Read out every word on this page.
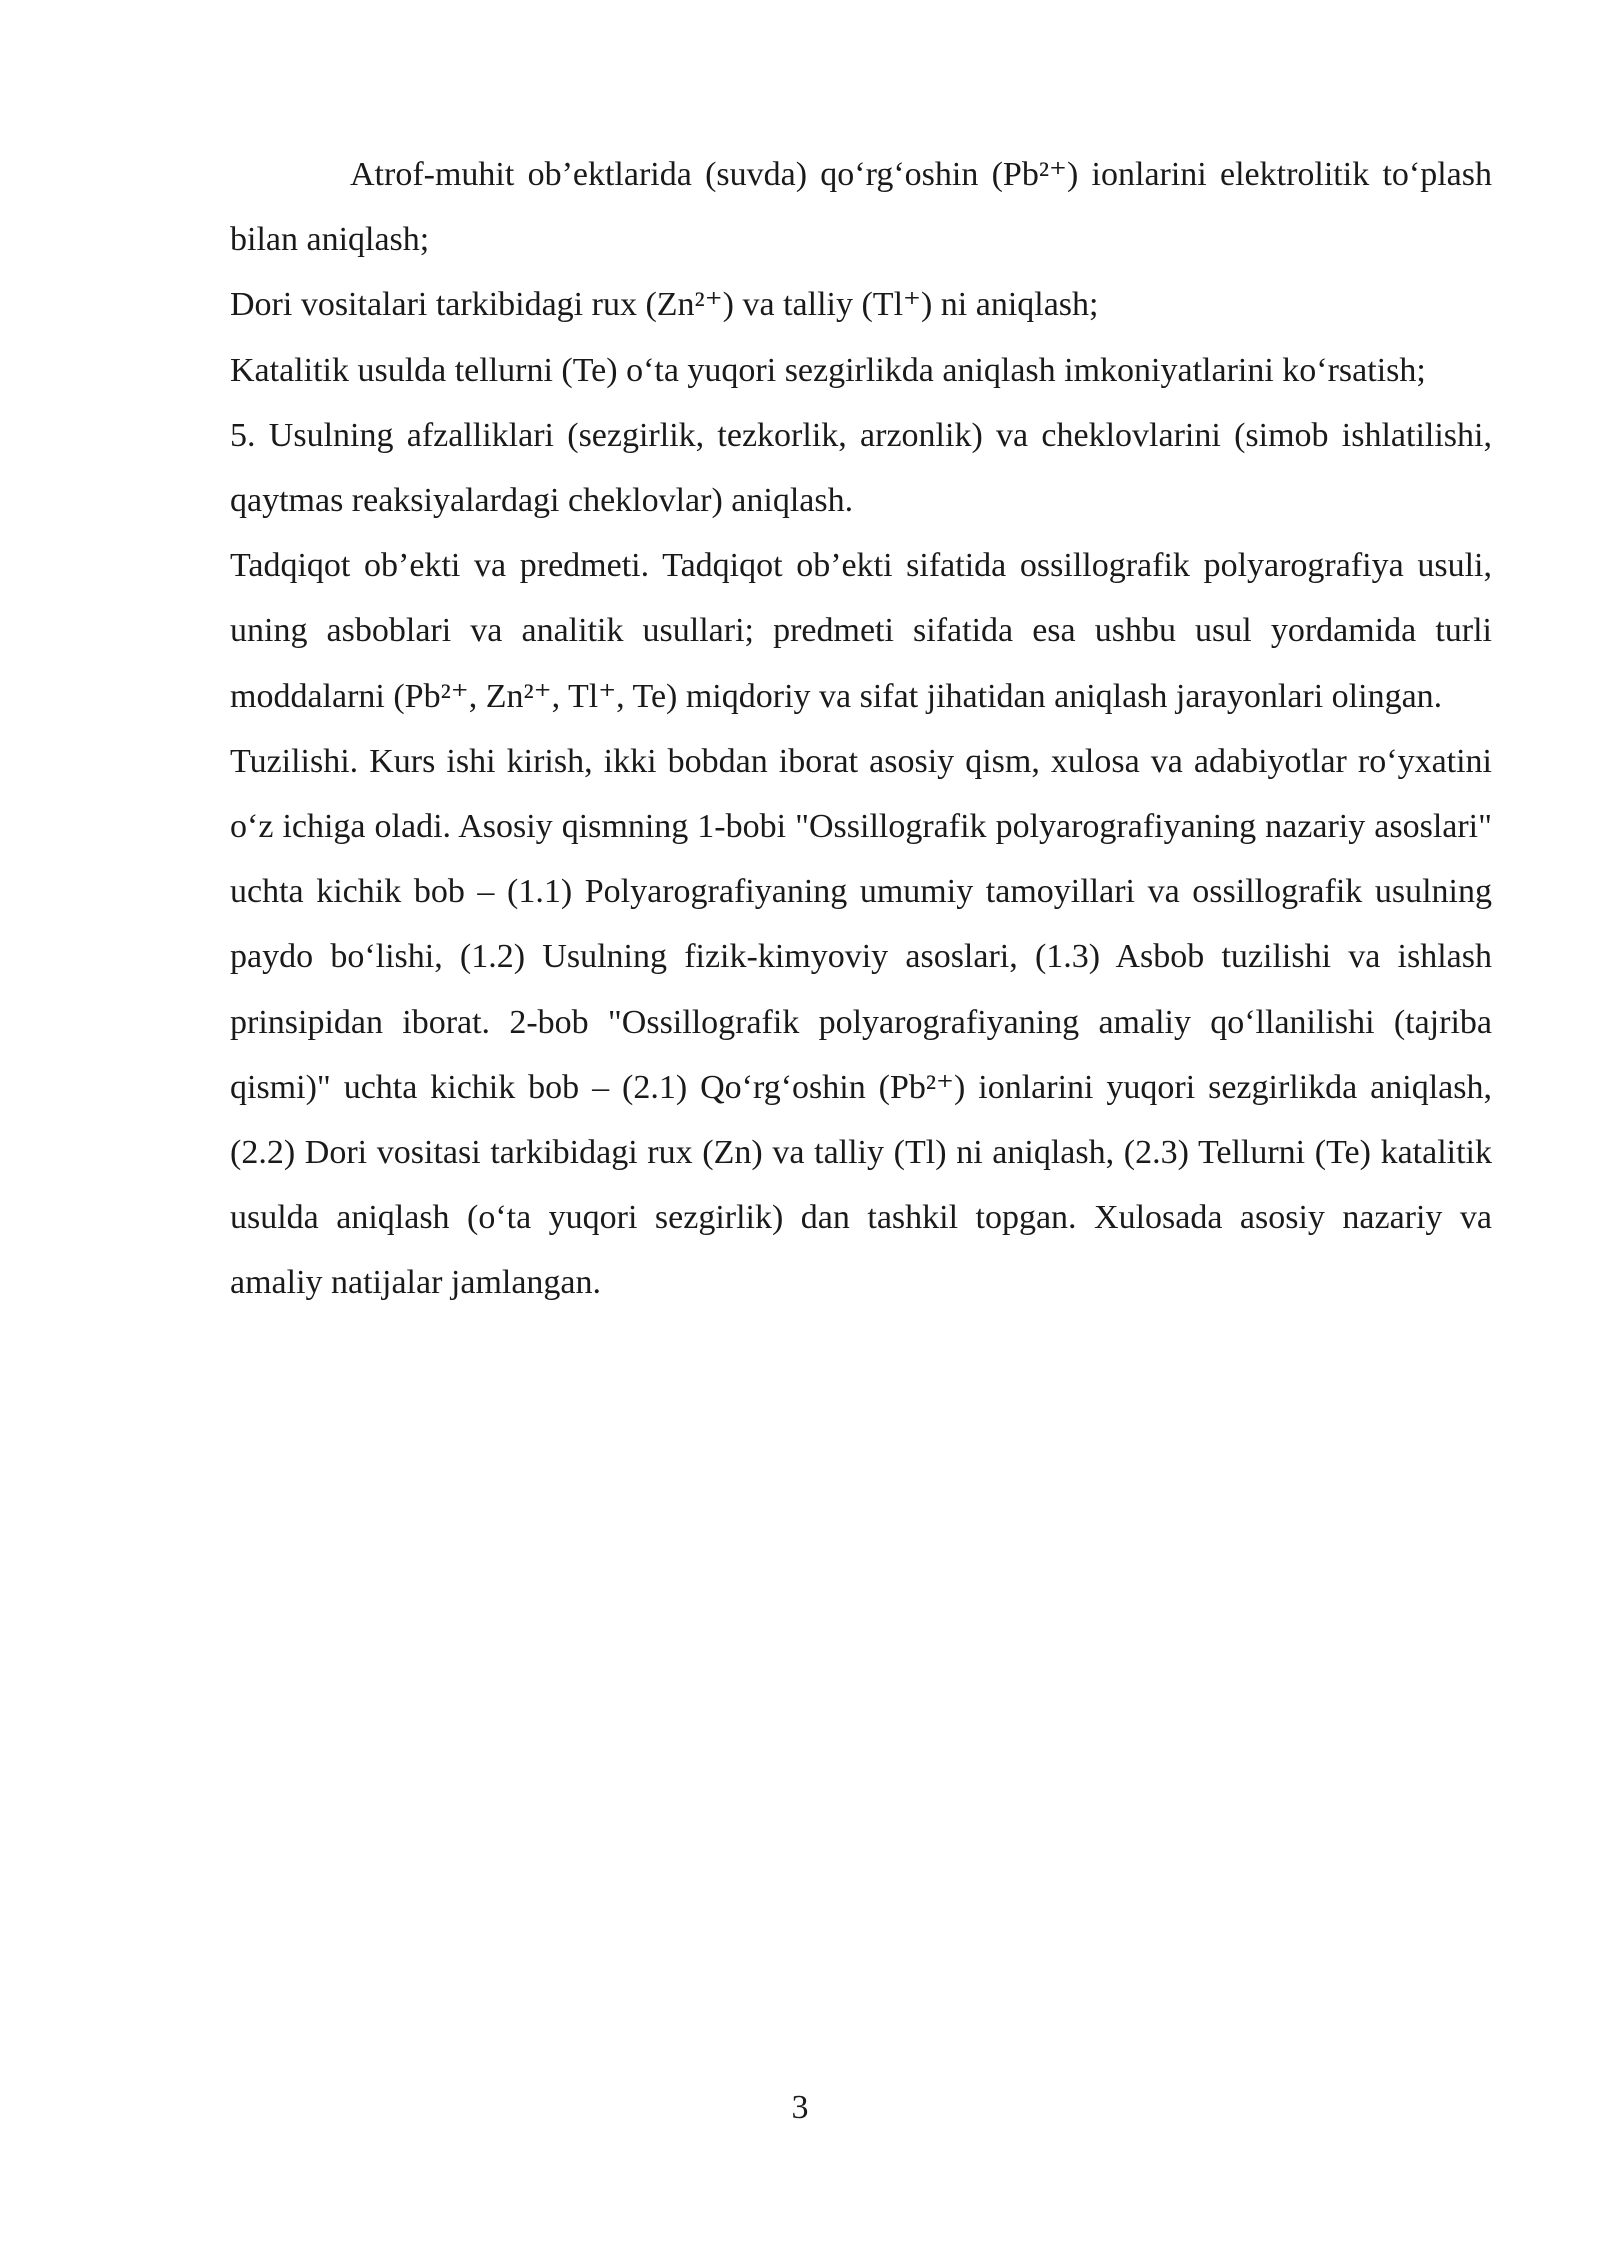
Atrof-muhit ob’ektlarida (suvda) qo‘rg‘oshin (Pb²⁺) ionlarini elektrolitik to‘plash bilan aniqlash;

Dori vositalari tarkibidagi rux (Zn²⁺) va talliy (Tl⁺) ni aniqlash;

Katalitik usulda tellurni (Te) o‘ta yuqori sezgirlikda aniqlash imkoniyatlarini ko‘rsatish;

5. Usulning afzalliklari (sezgirlik, tezkorlik, arzonlik) va cheklovlarini (simob ishlatilishi, qaytmas reaksiyalardagi cheklovlar) aniqlash.

Tadqiqot ob’ekti va predmeti. Tadqiqot ob’ekti sifatida ossillografik polyarografiya usuli, uning asboblari va analitik usullari; predmeti sifatida esa ushbu usul yordamida turli moddalarni (Pb²⁺, Zn²⁺, Tl⁺, Te) miqdoriy va sifat jihatidan aniqlash jarayonlari olingan.

Tuzilishi. Kurs ishi kirish, ikki bobdan iborat asosiy qism, xulosa va adabiyotlar ro‘yxatini o‘z ichiga oladi. Asosiy qismning 1-bobi "Ossillografik polyarografiyaning nazariy asoslari" uchta kichik bob – (1.1) Polyarografiyaning umumiy tamoyillari va ossillografik usulning paydo bo‘lishi, (1.2) Usulning fizik-kimyoviy asoslari, (1.3) Asbob tuzilishi va ishlash prinsipidan iborat. 2-bob "Ossillografik polyarografiyaning amaliy qo‘llanilishi (tajriba qismi)" uchta kichik bob – (2.1) Qo‘rg‘oshin (Pb²⁺) ionlarini yuqori sezgirlikda aniqlash, (2.2) Dori vositasi tarkibidagi rux (Zn) va talliy (Tl) ni aniqlash, (2.3) Tellurni (Te) katalitik usulda aniqlash (o‘ta yuqori sezgirlik) dan tashkil topgan. Xulosada asosiy nazariy va amaliy natijalar jamlangan.

3
